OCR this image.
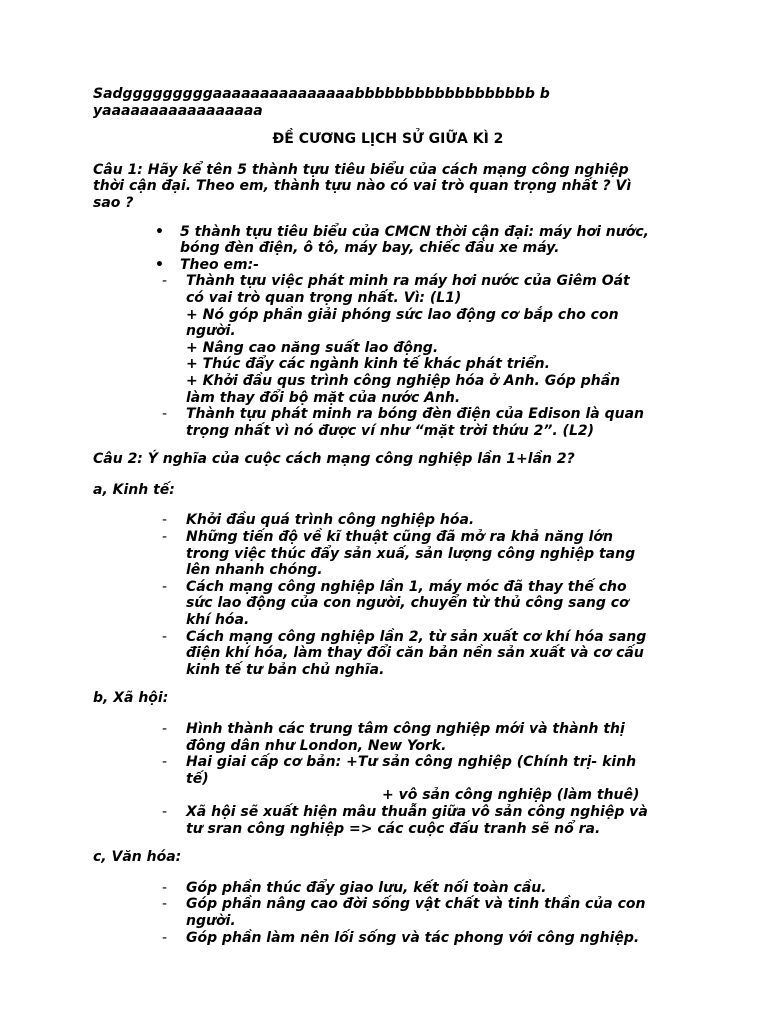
Sadgggggggggaaaaaaaaaaaaaaabbbbbbbbbbbbbbbbbb b

yaaaaaaaaaaaaaaaaa

ĐỀ CƯƠNG LỊCH SỬ GIỮA KÌ 2

Câu 1: Hãy kể tên 5 thành tựu tiêu biểu của cách mạng công nghiệp
thời cận đại. Theo em, thành tựu nào có vai trò quan trọng nhất ? Vì
sao ?
• 5 thành tựu tiêu biểu của CMCN thời cận đại: máy hơi nước,
bóng đèn điện, ô tô, máy bay, chiếc đầu xe máy.
• Theo em:-
- Thành tựu việc phát minh ra máy hơi nước của Giêm Oát
có vai trò quan trọng nhất. Vì: (L1)
+ Nó góp phần giải phóng sức lao động cơ bắp cho con
người.
+ Nâng cao năng suất lao động.
+ Thúc đẩy các ngành kinh tế khác phát triển.
+ Khởi đầu qus trình công nghiệp hóa ở Anh. Góp phần
làm thay đổi bộ mặt của nước Anh.
- Thành tựu phát minh ra bóng đèn điện của Edison là quan
trọng nhất vì nó được ví như “mặt trời thứu 2”. (L2)

Câu 2: Ý nghĩa của cuộc cách mạng công nghiệp lần 1+lần 2?

a, Kinh tế:

- Khởi đầu quá trình công nghiệp hóa.
- Những tiến độ về kĩ thuật cũng đã mở ra khả năng lớn
trong việc thúc đẩy sản xuấ, sản lượng công nghiệp tang
lên nhanh chóng.
- Cách mạng công nghiệp lần 1, máy móc đã thay thế cho
sức lao động của con người, chuyển từ thủ công sang cơ
khí hóa.
- Cách mạng công nghiệp lần 2, từ sản xuất cơ khí hóa sang
điện khí hóa, làm thay đổi căn bản nền sản xuất và cơ cấu
kinh tế tư bản chủ nghĩa.

b, Xã hội:

- Hình thành các trung tâm công nghiệp mới và thành thị
đông dân như London, New York.
- Hai giai cấp cơ bản: +Tư sản công nghiệp (Chính trị- kinh
tế)
+ vô sản công nghiệp (làm thuê)
- Xã hội sẽ xuất hiện mâu thuẫn giữa vô sản công nghiệp và
tư sran công nghiệp => các cuộc đấu tranh sẽ nổ ra.

c, Văn hóa:

- Góp phần thúc đẩy giao lưu, kết nối toàn cầu.
- Góp phần nâng cao đời sống vật chất và tinh thần của con
người.
- Góp phần làm nên lối sống và tác phong với công nghiệp.
